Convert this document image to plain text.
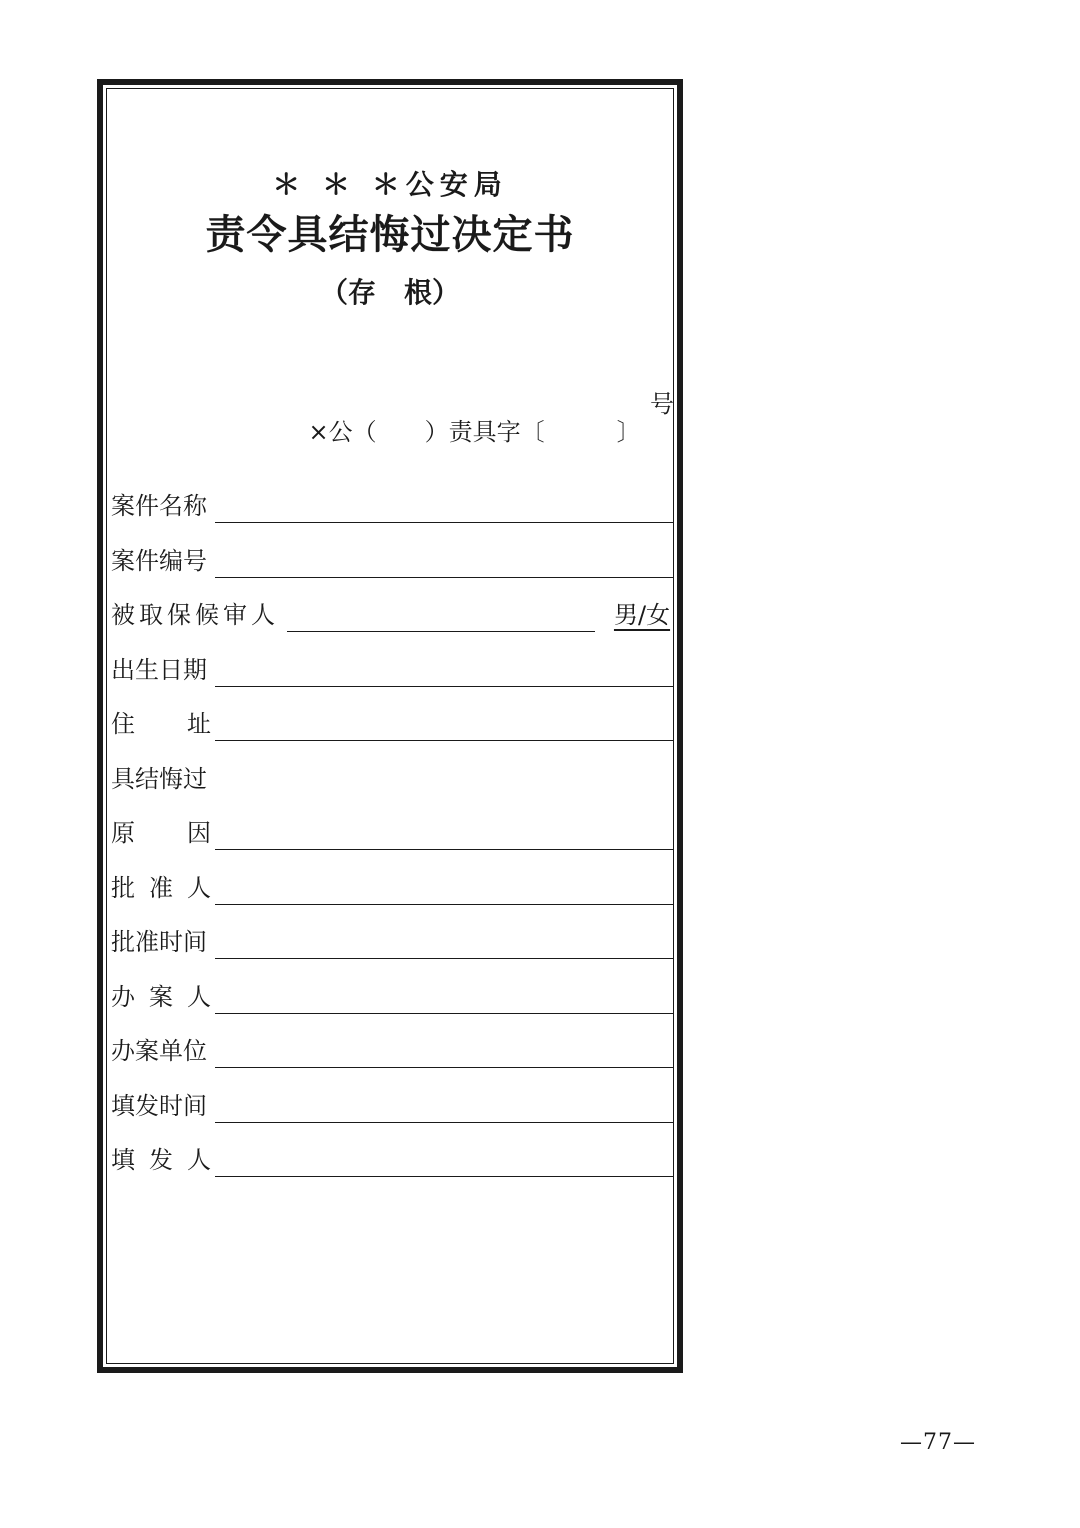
＊ ＊ ＊公安局
责令具结悔过决定书
（存　根）

×公（　　）责具字〔　　　〕

号

案件名称
案件编号
被取保候审人	男/女
出生日期
住 址
具结悔过
原 因
批 准 人
批准时间
办 案 人
办案单位
填发时间
填 发 人
—77—
